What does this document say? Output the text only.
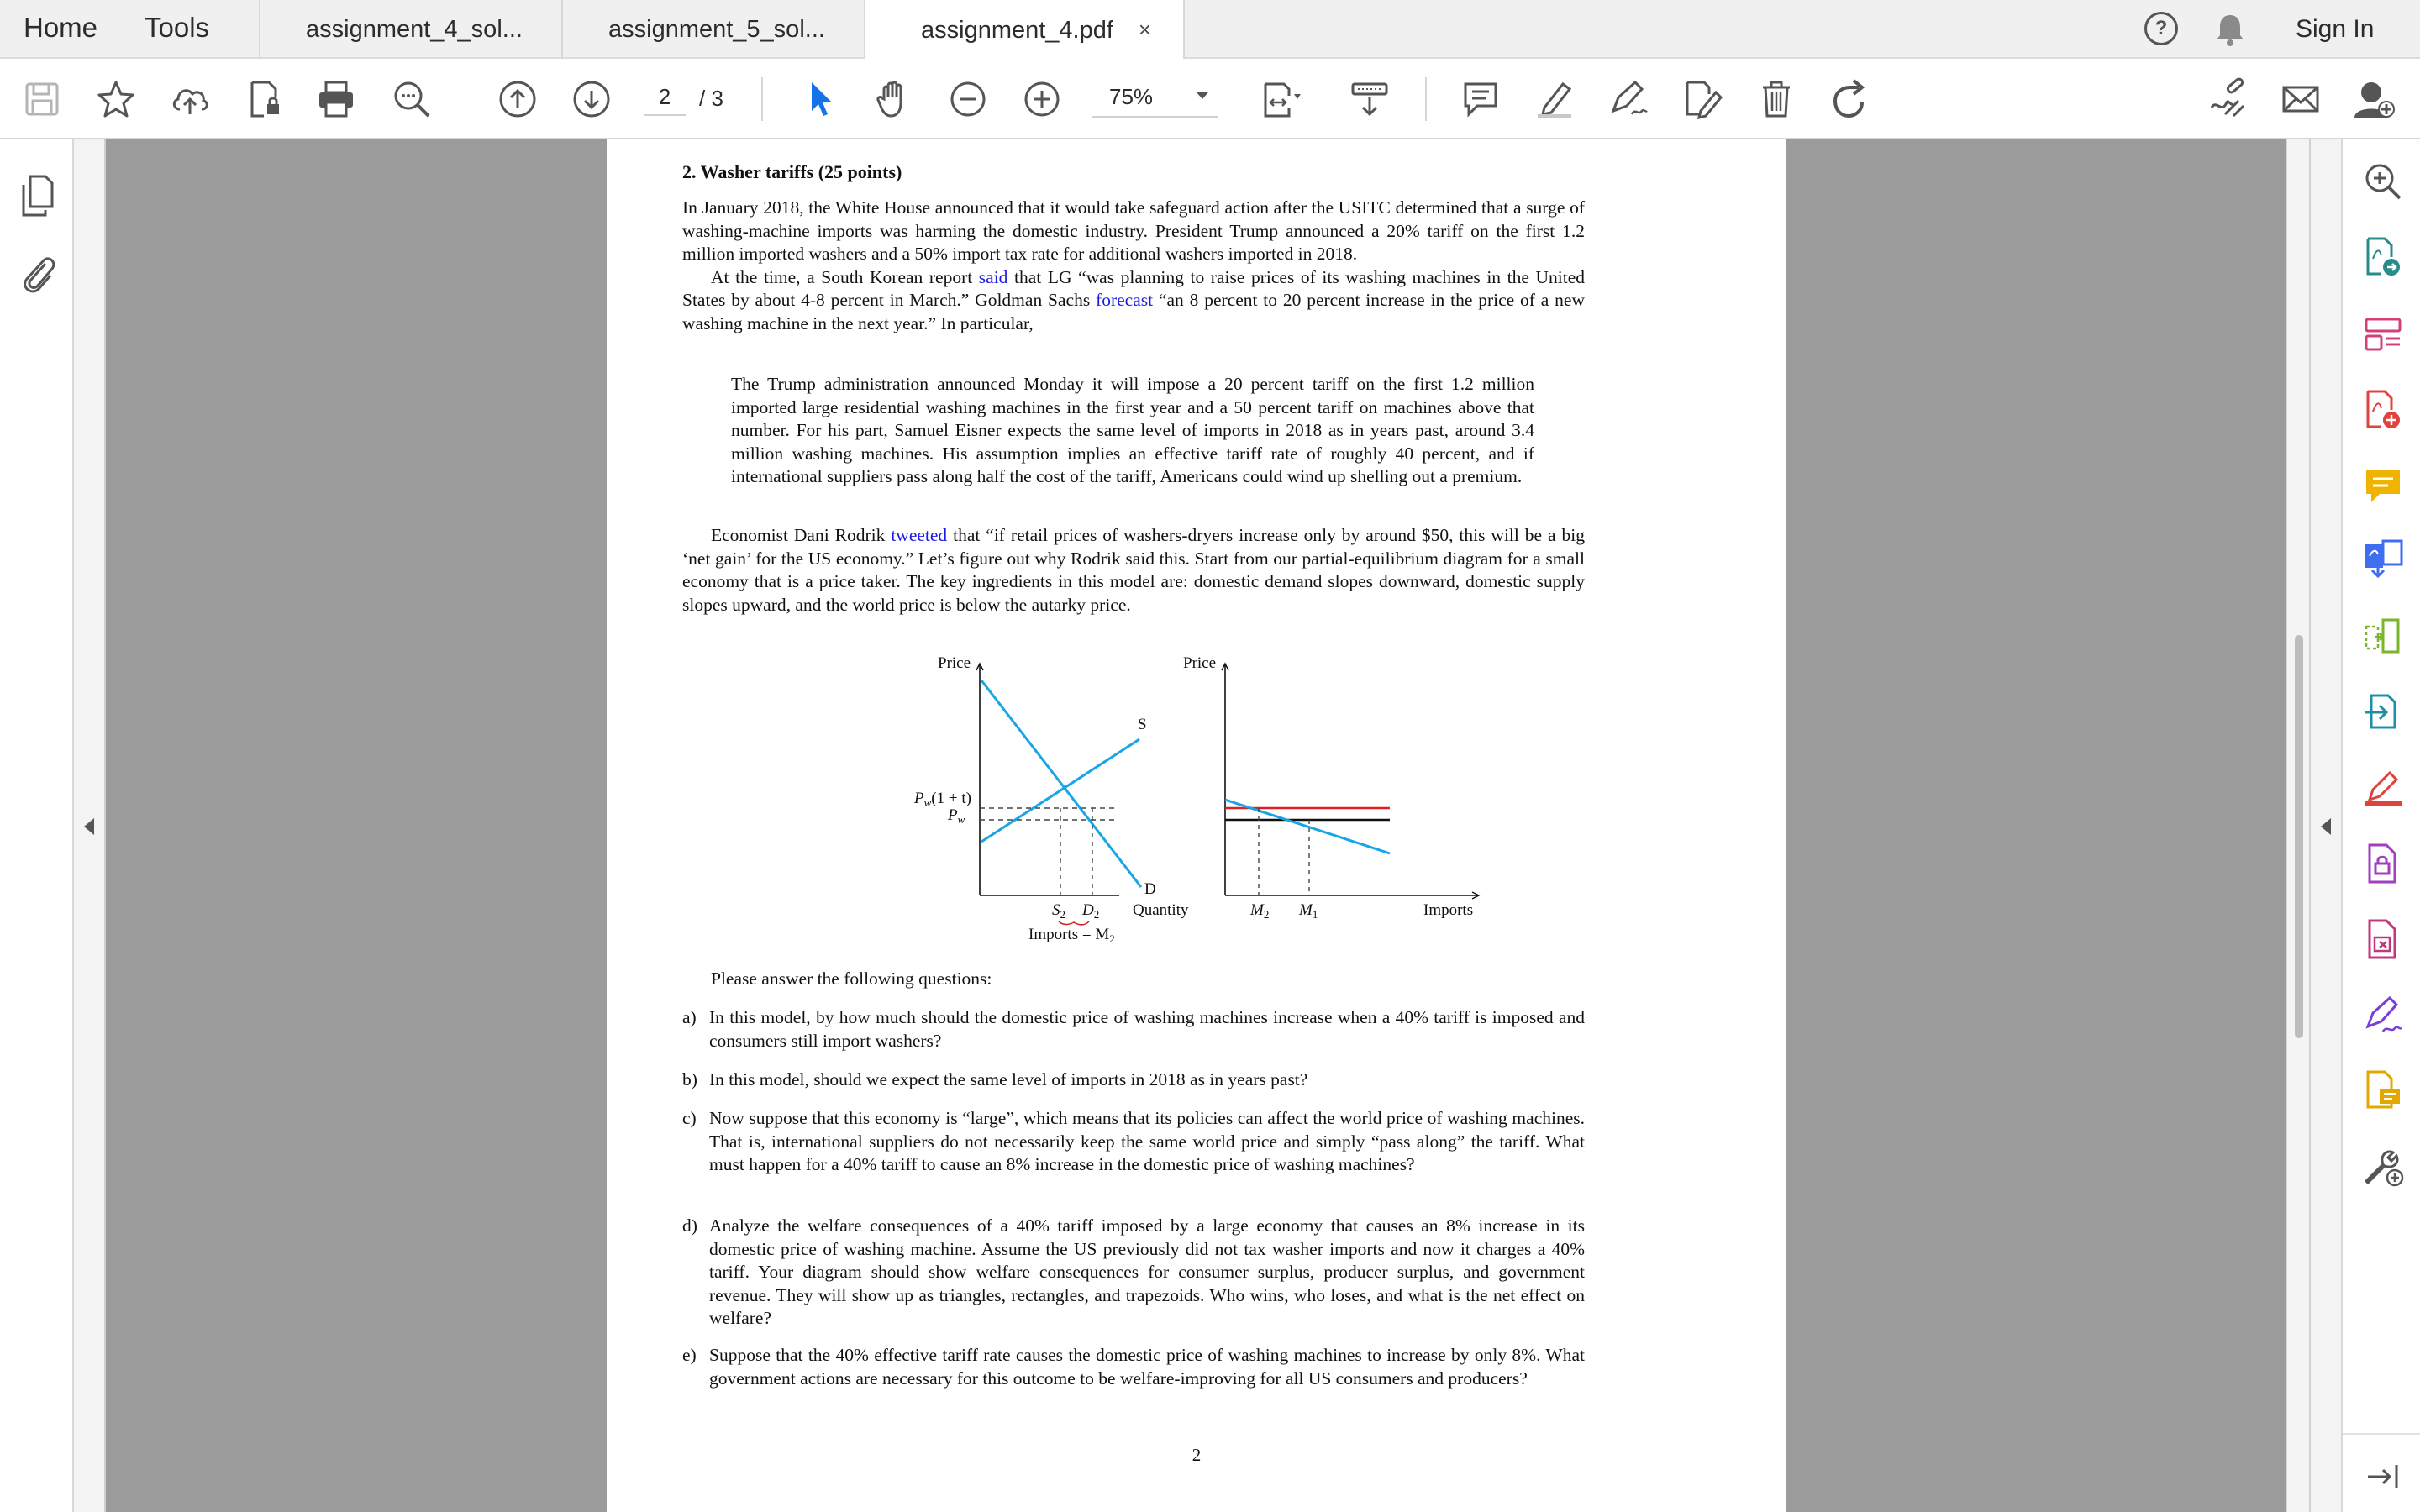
Home Tools	assignment_4_sol...	assignment_5_sol...	assignment_4.pdf ×	?	Sign In
2	/ 3	75%
2. Washer tariffs (25 points)

In January 2018, the White House announced that it would take safeguard action after the USITC determined that a surge of washing-machine imports was harming the domestic industry. President Trump announced a 20% tariff on the first 1.2 million imported washers and a 50% import tax rate for additional washers imported in 2018.

At the time, a South Korean report said that LG “was planning to raise prices of its washing machines in the United States by about 4-8 percent in March.” Goldman Sachs forecast “an 8 percent to 20 percent increase in the price of a new washing machine in the next year.” In particular,

The Trump administration announced Monday it will impose a 20 percent tariff on the first 1.2 million imported large residential washing machines in the first year and a 50 percent tariff on machines above that number. For his part, Samuel Eisner expects the same level of imports in 2018 as in years past, around 3.4 million washing machines. His assumption implies an effective tariff rate of roughly 40 percent, and if international suppliers pass along half the cost of the tariff, Americans could wind up shelling out a premium.
Economist Dani Rodrik tweeted that “if retail prices of washers-dryers increase only by around $50, this will be a big ‘net gain’ for the US economy.” Let’s figure out why Rodrik said this. Start from our partial-equilibrium diagram for a small economy that is a price taker. The key ingredients in this model are: domestic demand slopes downward, domestic supply slopes upward, and the world price is below the autarky price.
Price
S
D
$P_w(1 + t)$
$P_w$
$S_2$ $D_2$
Imports = $M_2$
Quantity
Price
$M_2$ $M_1$	Imports
Please answer the following questions:
a) In this model, by how much should the domestic price of washing machines increase when a 40% tariff is imposed and consumers still import washers?
b) In this model, should we expect the same level of imports in 2018 as in years past?
c) Now suppose that this economy is “large”, which means that its policies can affect the world price of washing machines. That is, international suppliers do not necessarily keep the same world price and simply “pass along” the tariff. What must happen for a 40% tariff to cause an 8% increase in the domestic price of washing machines?
d) Analyze the welfare consequences of a 40% tariff imposed by a large economy that causes an 8% increase in its domestic price of washing machine. Assume the US previously did not tax washer imports and now it charges a 40% tariff. Your diagram should show welfare consequences for consumer surplus, producer surplus, and government revenue. They will show up as triangles, rectangles, and trapezoids. Who wins, who loses, and what is the net effect on welfare?
e) Suppose that the 40% effective tariff rate causes the domestic price of washing machines to increase by only 8%. What government actions are necessary for this outcome to be welfare-improving for all US consumers and producers?
2
